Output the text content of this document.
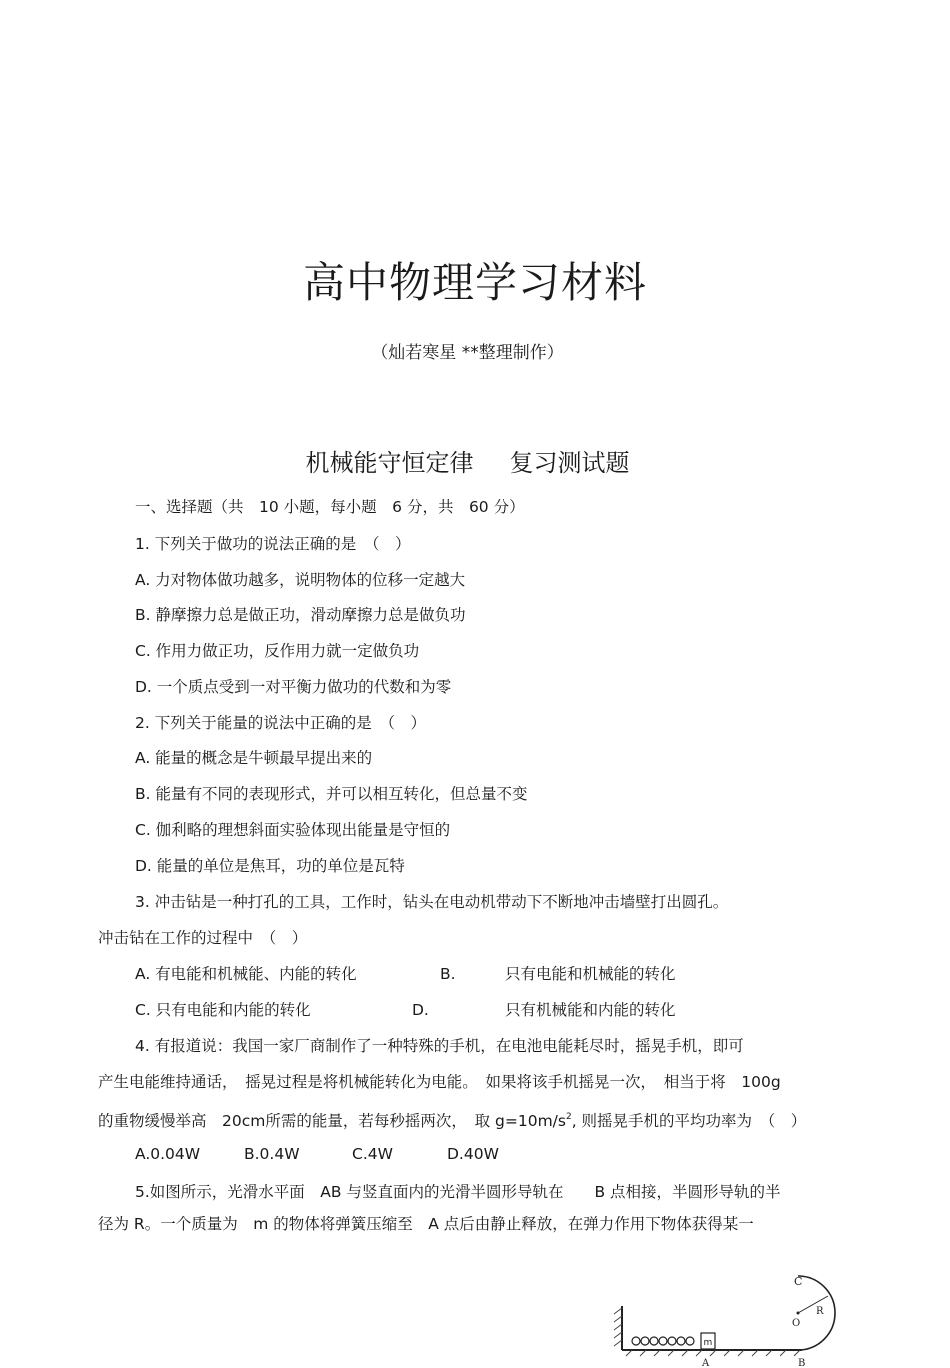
高中物理学习材料
（灿若寒星 **整理制作）
机械能守恒定律 复习测试题
一、选择题（共　10 小题，每小题　6 分，共　60 分）
1. 下列关于做功的说法正确的是　（　）
A. 力对物体做功越多，说明物体的位移一定越大
B. 静摩擦力总是做正功，滑动摩擦力总是做负功
C. 作用力做正功，反作用力就一定做负功
D. 一个质点受到一对平衡力做功的代数和为零
2. 下列关于能量的说法中正确的是　（　）
A. 能量的概念是牛顿最早提出来的
B. 能量有不同的表现形式，并可以相互转化，但总量不变
C. 伽利略的理想斜面实验体现出能量是守恒的
D. 能量的单位是焦耳，功的单位是瓦特
3. 冲击钻是一种打孔的工具，工作时，钻头在电动机带动下不断地冲击墙壁打出圆孔。
冲击钻在工作的过程中　（　）
A. 有电能和机械能、内能的转化	B.	只有电能和机械能的转化
C. 只有电能和内能的转化	D.	只有机械能和内能的转化
4. 有报道说：我国一家厂商制作了一种特殊的手机，在电池电能耗尽时，摇晃手机，即可
产生电能维持通话，　摇晃过程是将机械能转化为电能。　如果将该手机摇晃一次，　相当于将　100g
的重物缓慢举高　20cm所需的能量，若每秒摇两次，　取 $g=10m/s^2$, 则摇晃手机的平均功率为　（　）
A.0.04W	B.0.4W	C.4W	D.40W
5.如图所示，光滑水平面　AB 与竖直面内的光滑半圆形导轨在　　B 点相接，半圆形导轨的半
径为 R。一个质量为　m 的物体将弹簧压缩至　A 点后由静止释放，在弹力作用下物体获得某一
m
C
O
R
A	B
